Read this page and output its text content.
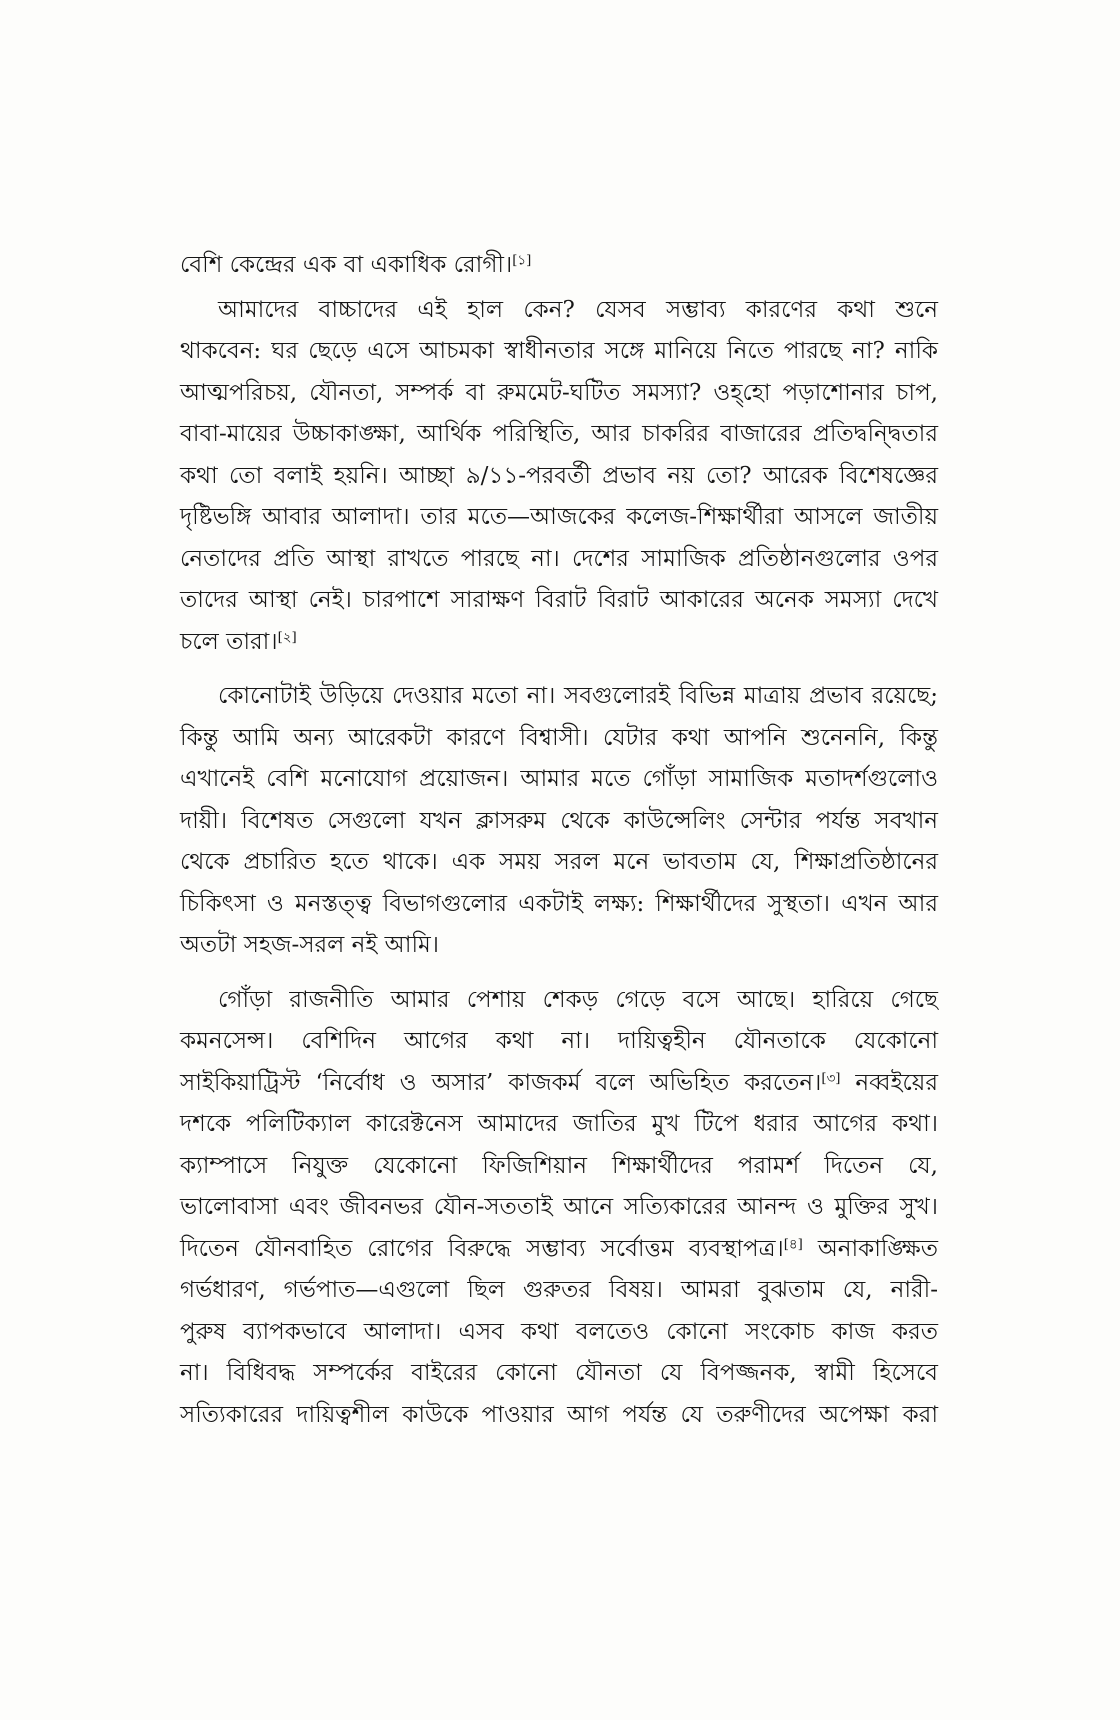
বেশি কেন্দ্রের এক বা একাধিক রোগী।[১]
আমাদের বাচ্চাদের এই হাল কেন? যেসব সম্ভাব্য কারণের কথা শুনে
থাকবেন: ঘর ছেড়ে এসে আচমকা স্বাধীনতার সঙ্গে মানিয়ে নিতে পারছে না? নাকি
আত্মপরিচয়, যৌনতা, সম্পর্ক বা রুমমেট-ঘটিত সমস্যা? ওহ্‌হো পড়াশোনার চাপ,
বাবা-মায়ের উচ্চাকাঙ্ক্ষা, আর্থিক পরিস্থিতি, আর চাকরির বাজারের প্রতিদ্বন্দ্বিতার
কথা তো বলাই হয়নি। আচ্ছা ৯/১১-পরবর্তী প্রভাব নয় তো? আরেক বিশেষজ্ঞের
দৃষ্টিভঙ্গি আবার আলাদা। তার মতে—আজকের কলেজ-শিক্ষার্থীরা আসলে জাতীয়
নেতাদের প্রতি আস্থা রাখতে পারছে না। দেশের সামাজিক প্রতিষ্ঠানগুলোর ওপর
তাদের আস্থা নেই। চারপাশে সারাক্ষণ বিরাট বিরাট আকারের অনেক সমস্যা দেখে
চলে তারা।[২]
কোনোটাই উড়িয়ে দেওয়ার মতো না। সবগুলোরই বিভিন্ন মাত্রায় প্রভাব রয়েছে;
কিন্তু আমি অন্য আরেকটা কারণে বিশ্বাসী। যেটার কথা আপনি শুনেননি, কিন্তু
এখানেই বেশি মনোযোগ প্রয়োজন। আমার মতে গোঁড়া সামাজিক মতাদর্শগুলোও
দায়ী। বিশেষত সেগুলো যখন ক্লাসরুম থেকে কাউন্সেলিং সেন্টার পর্যন্ত সবখান
থেকে প্রচারিত হতে থাকে। এক সময় সরল মনে ভাবতাম যে, শিক্ষাপ্রতিষ্ঠানের
চিকিৎসা ও মনস্তত্ত্ব বিভাগগুলোর একটাই লক্ষ্য: শিক্ষার্থীদের সুস্থতা। এখন আর
অতটা সহজ-সরল নই আমি।
গোঁড়া রাজনীতি আমার পেশায় শেকড় গেড়ে বসে আছে। হারিয়ে গেছে
কমনসেন্স। বেশিদিন আগের কথা না। দায়িত্বহীন যৌনতাকে যেকোনো
সাইকিয়াট্রিস্ট ‘নির্বোধ ও অসার’ কাজকর্ম বলে অভিহিত করতেন।[৩] নব্বইয়ের
দশকে পলিটিক্যাল কারেক্টনেস আমাদের জাতির মুখ টিপে ধরার আগের কথা।
ক্যাম্পাসে নিযুক্ত যেকোনো ফিজিশিয়ান শিক্ষার্থীদের পরামর্শ দিতেন যে,
ভালোবাসা এবং জীবনভর যৌন-সততাই আনে সত্যিকারের আনন্দ ও মুক্তির সুখ।
দিতেন যৌনবাহিত রোগের বিরুদ্ধে সম্ভাব্য সর্বোত্তম ব্যবস্থাপত্র।[৪] অনাকাঙ্ক্ষিত
গর্ভধারণ, গর্ভপাত—এগুলো ছিল গুরুতর বিষয়। আমরা বুঝতাম যে, নারী-
পুরুষ ব্যাপকভাবে আলাদা। এসব কথা বলতেও কোনো সংকোচ কাজ করত
না। বিধিবদ্ধ সম্পর্কের বাইরের কোনো যৌনতা যে বিপজ্জনক, স্বামী হিসেবে
সত্যিকারের দায়িত্বশীল কাউকে পাওয়ার আগ পর্যন্ত যে তরুণীদের অপেক্ষা করা
